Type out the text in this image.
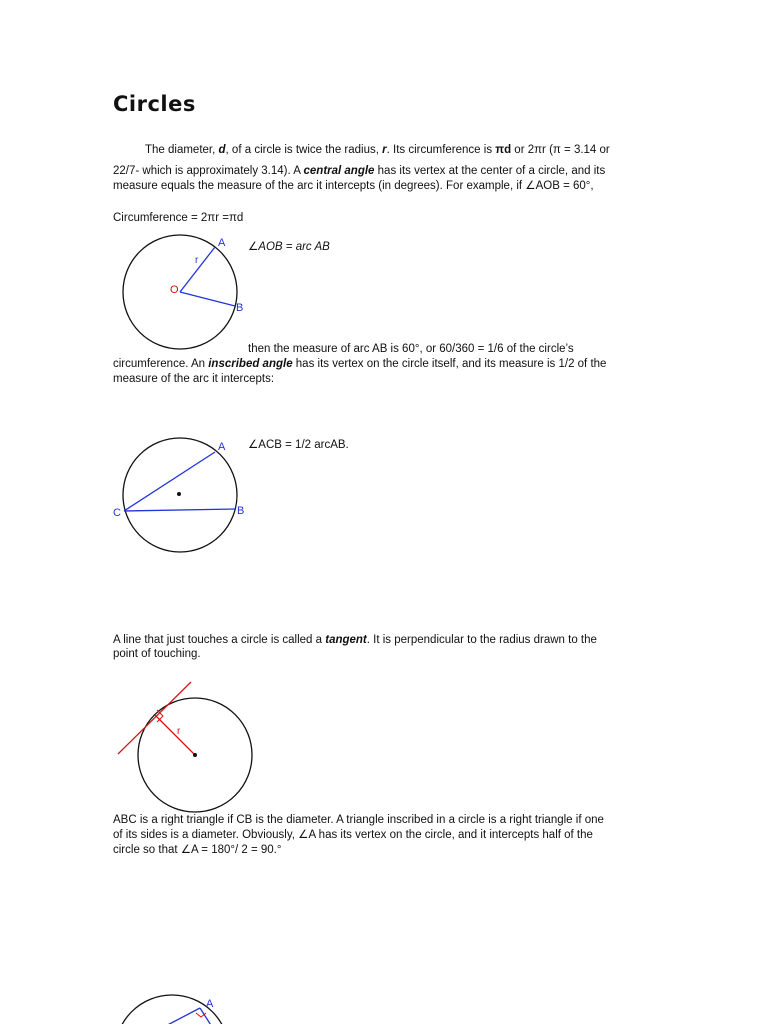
Circles
The diameter, d, of a circle is twice the radius, r. Its circumference is πd or 2πr (π = 3.14 or
22/7- which is approximately 3.14). A central angle has its vertex at the center of a circle, and its
measure equals the measure of the arc it intercepts (in degrees). For example, if ∠AOB = 60°,
Circumference = 2πr =πd
A
B
O
r
A
B
C
r
A
∠AOB = arc AB
then the measure of arc AB is 60°, or 60/360 = 1/6 of the circle’s
circumference. An inscribed angle has its vertex on the circle itself, and its measure is 1/2 of the
measure of the arc it intercepts:
∠ACB = 1/2 arcAB.
A line that just touches a circle is called a tangent. It is perpendicular to the radius drawn to the
point of touching.
ABC is a right triangle if CB is the diameter. A triangle inscribed in a circle is a right triangle if one
of its sides is a diameter. Obviously, ∠A has its vertex on the circle, and it intercepts half of the
circle so that ∠A = 180°/ 2 = 90.°
